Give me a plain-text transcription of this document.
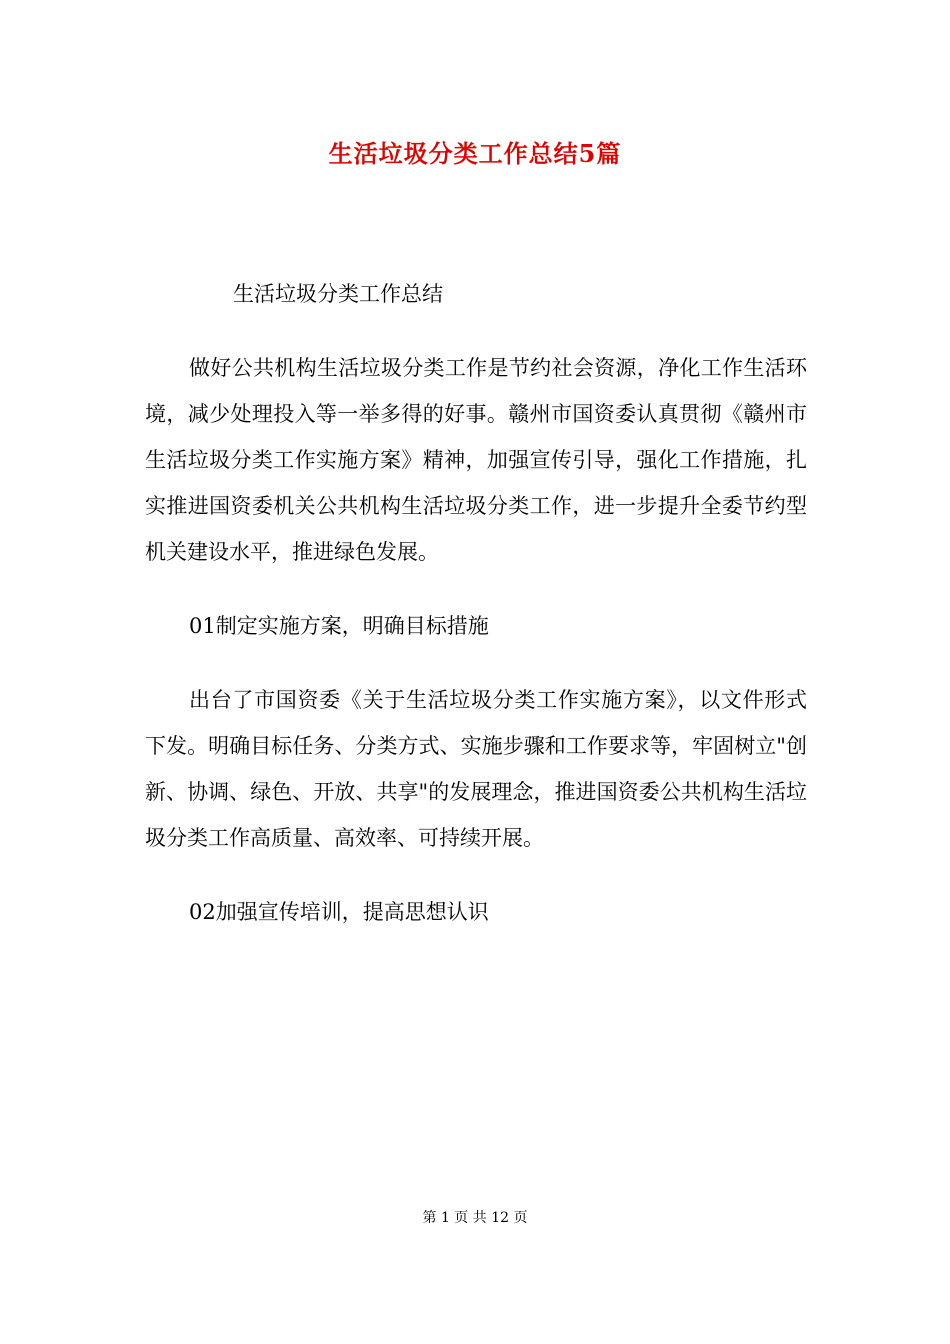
生活垃圾分类工作总结5篇

生活垃圾分类工作总结

做好公共机构生活垃圾分类工作是节约社会资源，净化工作生活环境，减少处理投入等一举多得的好事。赣州市国资委认真贯彻《赣州市生活垃圾分类工作实施方案》精神，加强宣传引导，强化工作措施，扎实推进国资委机关公共机构生活垃圾分类工作，进一步提升全委节约型机关建设水平，推进绿色发展。

01制定实施方案，明确目标措施

出台了市国资委《关于生活垃圾分类工作实施方案》，以文件形式下发。明确目标任务、分类方式、实施步骤和工作要求等，牢固树立"创新、协调、绿色、开放、共享"的发展理念，推进国资委公共机构生活垃圾分类工作高质量、高效率、可持续开展。

02加强宣传培训，提高思想认识

第 1 页 共 12 页
